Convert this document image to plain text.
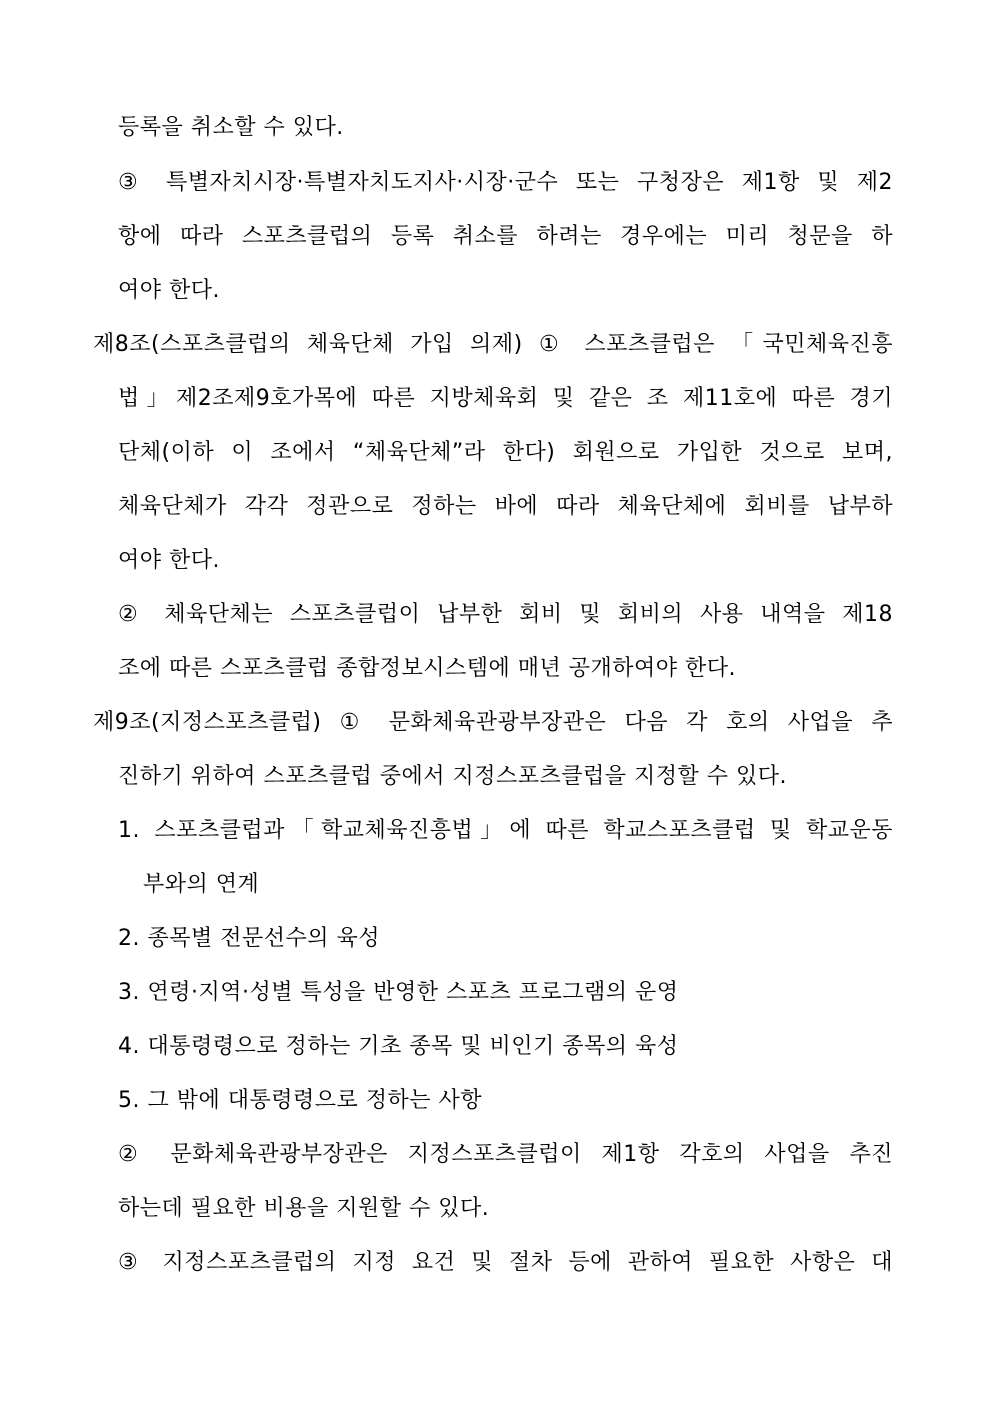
등록을 취소할 수 있다.
③ 특별자치시장·특별자치도지사·시장·군수 또는 구청장은 제1항 및 제2
항에 따라 스포츠클럽의 등록 취소를 하려는 경우에는 미리 청문을 하
여야 한다.
제8조(스포츠클럽의 체육단체 가입 의제) ① 스포츠클럽은 「국민체육진흥
법」제2조제9호가목에 따른 지방체육회 및 같은 조 제11호에 따른 경기
단체(이하 이 조에서 “체육단체”라 한다) 회원으로 가입한 것으로 보며,
체육단체가 각각 정관으로 정하는 바에 따라 체육단체에 회비를 납부하
여야 한다.
② 체육단체는 스포츠클럽이 납부한 회비 및 회비의 사용 내역을 제18
조에 따른 스포츠클럽 종합정보시스템에 매년 공개하여야 한다.
제9조(지정스포츠클럽) ① 문화체육관광부장관은 다음 각 호의 사업을 추
진하기 위하여 스포츠클럽 중에서 지정스포츠클럽을 지정할 수 있다.
1. 스포츠클럽과「학교체육진흥법」에 따른 학교스포츠클럽 및 학교운동
부와의 연계
2. 종목별 전문선수의 육성
3. 연령·지역·성별 특성을 반영한 스포츠 프로그램의 운영
4. 대통령령으로 정하는 기초 종목 및 비인기 종목의 육성
5. 그 밖에 대통령령으로 정하는 사항
② 문화체육관광부장관은 지정스포츠클럽이 제1항 각호의 사업을 추진
하는데 필요한 비용을 지원할 수 있다.
③ 지정스포츠클럽의 지정 요건 및 절차 등에 관하여 필요한 사항은 대
